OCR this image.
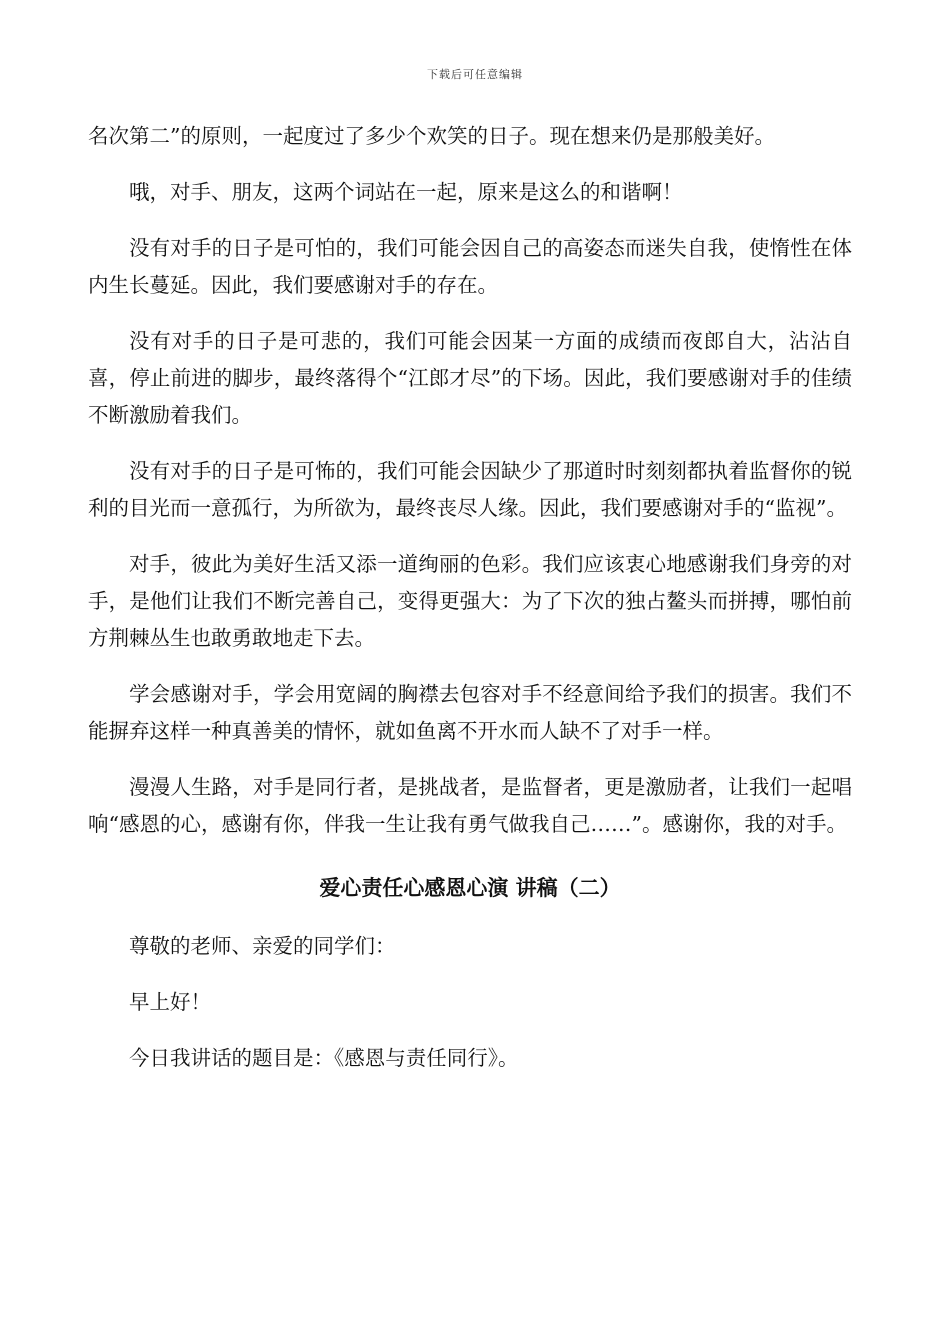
下载后可任意编辑

名次第二”的原则，一起度过了多少个欢笑的日子。现在想来仍是那般美好。

哦，对手、朋友，这两个词站在一起，原来是这么的和谐啊！

没有对手的日子是可怕的，我们可能会因自己的高姿态而迷失自我，使惰性在体内生长蔓延。因此，我们要感谢对手的存在。

没有对手的日子是可悲的，我们可能会因某一方面的成绩而夜郎自大，沾沾自喜，停止前进的脚步，最终落得个“江郎才尽”的下场。因此，我们要感谢对手的佳绩不断激励着我们。

没有对手的日子是可怖的，我们可能会因缺少了那道时时刻刻都执着监督你的锐利的目光而一意孤行，为所欲为，最终丧尽人缘。因此，我们要感谢对手的“监视”。

对手，彼此为美好生活又添一道绚丽的色彩。我们应该衷心地感谢我们身旁的对手，是他们让我们不断完善自己，变得更强大：为了下次的独占鳌头而拼搏，哪怕前方荆棘丛生也敢勇敢地走下去。

学会感谢对手，学会用宽阔的胸襟去包容对手不经意间给予我们的损害。我们不能摒弃这样一种真善美的情怀，就如鱼离不开水而人缺不了对手一样。

漫漫人生路，对手是同行者，是挑战者，是监督者，更是激励者，让我们一起唱响“感恩的心，感谢有你，伴我一生让我有勇气做我自己……”。感谢你，我的对手。

爱心责任心感恩心演 讲稿（二）

尊敬的老师、亲爱的同学们：

早上好！

今日我讲话的题目是：《感恩与责任同行》。
